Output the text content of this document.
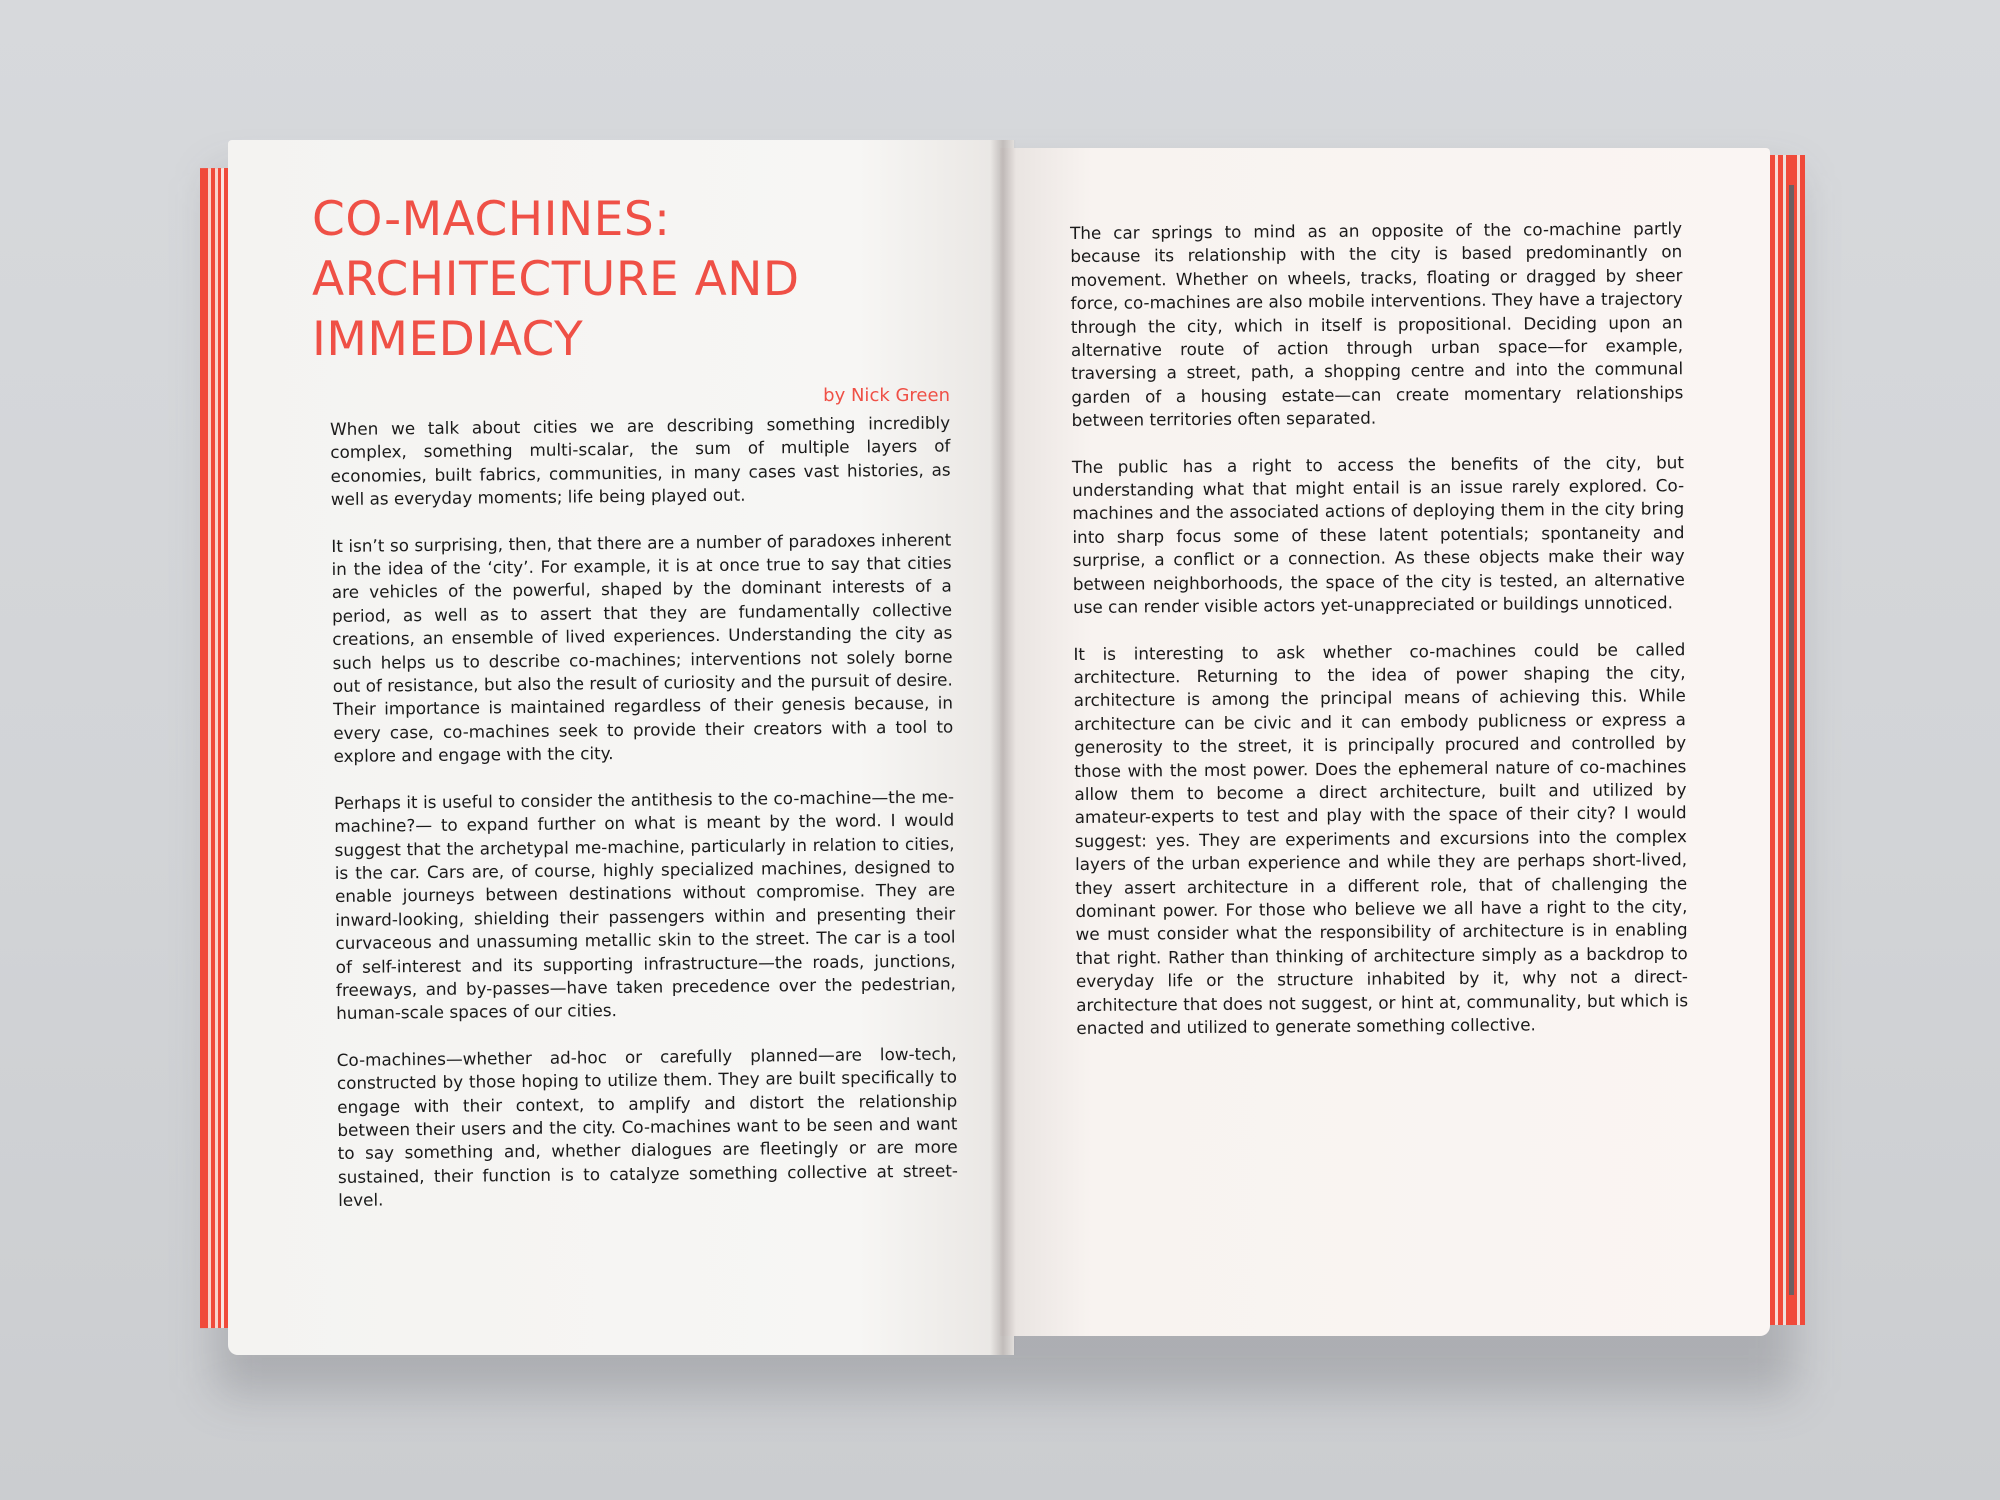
CO-MACHINES:
ARCHITECTURE AND
IMMEDIACY
by Nick Green

When we talk about cities we are describing something incredibly complex, something multi-scalar, the sum of multiple layers of economies, built fabrics, communities, in many cases vast histories, as well as everyday moments; life being played out.

It isn’t so surprising, then, that there are a number of paradoxes inherent in the idea of the ‘city’. For example, it is at once true to say that cities are vehicles of the powerful, shaped by the dominant interests of a period, as well as to assert that they are fundamentally collective creations, an ensemble of lived experiences. Understanding the city as such helps us to describe co-machines; interventions not solely borne out of resistance, but also the result of curiosity and the pursuit of desire. Their importance is maintained regardless of their genesis because, in every case, co-machines seek to provide their creators with a tool to explore and engage with the city.

Perhaps it is useful to consider the antithesis to the co-machine—the me-machine?— to expand further on what is meant by the word. I would suggest that the archetypal me-machine, particularly in relation to cities, is the car. Cars are, of course, highly specialized machines, designed to enable journeys between destinations without compromise. They are inward-looking, shielding their passengers within and presenting their curvaceous and unassuming metallic skin to the street. The car is a tool of self-interest and its supporting infrastructure—the roads, junctions, freeways, and by-passes—have taken precedence over the pedestrian, human-scale spaces of our cities.

Co-machines—whether ad-hoc or carefully planned—are low-tech, constructed by those hoping to utilize them. They are built specifically to engage with their context, to amplify and distort the relationship between their users and the city. Co-machines want to be seen and want to say something and, whether dialogues are fleetingly or are more sustained, their function is to catalyze something collective at street-level.

The car springs to mind as an opposite of the co-machine partly because its relationship with the city is based predominantly on movement. Whether on wheels, tracks, floating or dragged by sheer force, co-machines are also mobile interventions. They have a trajectory through the city, which in itself is propositional. Deciding upon an alternative route of action through urban space—for example, traversing a street, path, a shopping centre and into the communal garden of a housing estate—can create momentary relationships between territories often separated.

The public has a right to access the benefits of the city, but understanding what that might entail is an issue rarely explored. Co-machines and the associated actions of deploying them in the city bring into sharp focus some of these latent potentials; spontaneity and surprise, a conflict or a connection. As these objects make their way between neighborhoods, the space of the city is tested, an alternative use can render visible actors yet-unappreciated or buildings unnoticed.

It is interesting to ask whether co-machines could be called architecture. Returning to the idea of power shaping the city, architecture is among the principal means of achieving this. While architecture can be civic and it can embody publicness or express a generosity to the street, it is principally procured and controlled by those with the most power. Does the ephemeral nature of co-machines allow them to become a direct architecture, built and utilized by amateur-experts to test and play with the space of their city? I would suggest: yes. They are experiments and excursions into the complex layers of the urban experience and while they are perhaps short-lived, they assert architecture in a different role, that of challenging the dominant power. For those who believe we all have a right to the city, we must consider what the responsibility of architecture is in enabling that right. Rather than thinking of architecture simply as a backdrop to everyday life or the structure inhabited by it, why not a direct-architecture that does not suggest, or hint at, communality, but which is enacted and utilized to generate something collective.
